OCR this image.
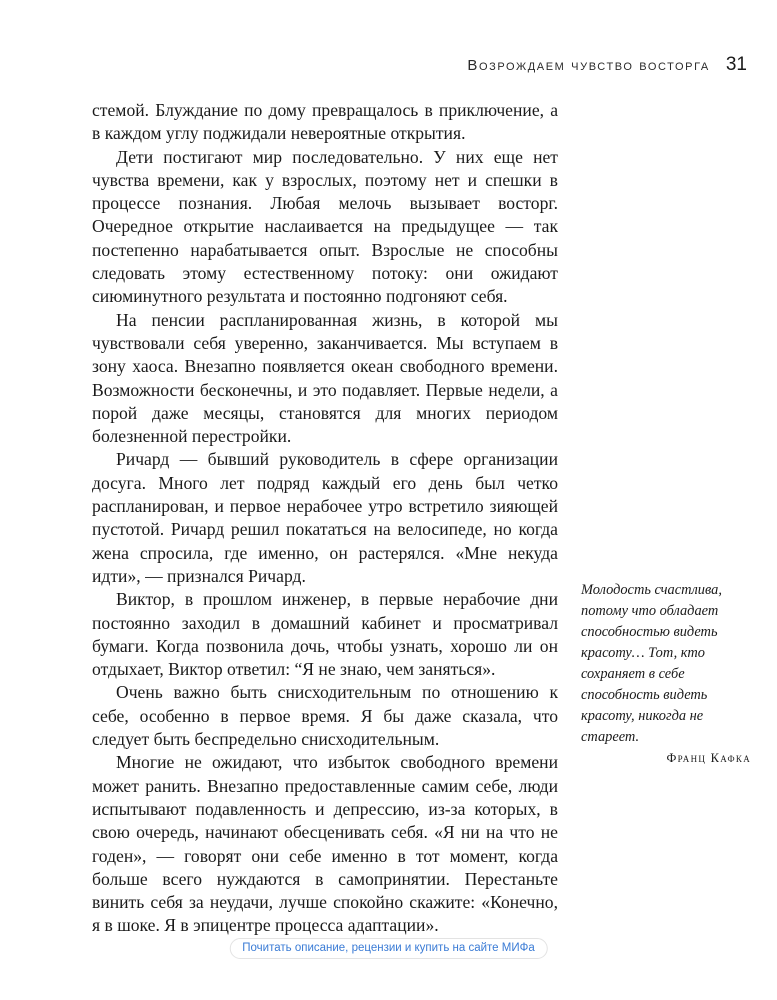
Возрождаем чувство восторга 31

стемой. Блуждание по дому превращалось в приключение, а в каждом углу поджидали невероятные открытия.

Дети постигают мир последовательно. У них еще нет чувства времени, как у взрослых, поэтому нет и спешки в процессе познания. Любая мелочь вызывает восторг. Очередное открытие наслаивается на предыдущее — так постепенно нарабатывается опыт. Взрослые не способны следовать этому естественному потоку: они ожидают сиюминутного результата и постоянно подгоняют себя.

На пенсии распланированная жизнь, в которой мы чувствовали себя уверенно, заканчивается. Мы вступаем в зону хаоса. Внезапно появляется океан свободного времени. Возможности бесконечны, и это подавляет. Первые недели, а порой даже месяцы, становятся для многих периодом болезненной перестройки.

Ричард — бывший руководитель в сфере организации досуга. Много лет подряд каждый его день был четко распланирован, и первое нерабочее утро встретило зияющей пустотой. Ричард решил покататься на велосипеде, но когда жена спросила, где именно, он растерялся. «Мне некуда идти», — признался Ричард.

Виктор, в прошлом инженер, в первые нерабочие дни постоянно заходил в домашний кабинет и просматривал бумаги. Когда позвонила дочь, чтобы узнать, хорошо ли он отдыхает, Виктор ответил: “Я не знаю, чем заняться».

Очень важно быть снисходительным по отношению к себе, особенно в первое время. Я бы даже сказала, что следует быть беспредельно снисходительным.

Многие не ожидают, что избыток свободного времени может ранить. Внезапно предоставленные самим себе, люди испытывают подавленность и депрессию, из-за которых, в свою очередь, начинают обесценивать себя. «Я ни на что не годен», — говорят они себе именно в тот момент, когда больше всего нуждаются в самопринятии. Перестаньте винить себя за неудачи, лучше спокойно скажите: «Конечно, я в шоке. Я в эпицентре процесса адаптации».

Молодость счастлива, потому что обладает способностью видеть красоту… Тот, кто сохраняет в себе способность видеть красоту, никогда не стареет.

Франц Кафка
Почитать описание, рецензии и купить на сайте МИФа
